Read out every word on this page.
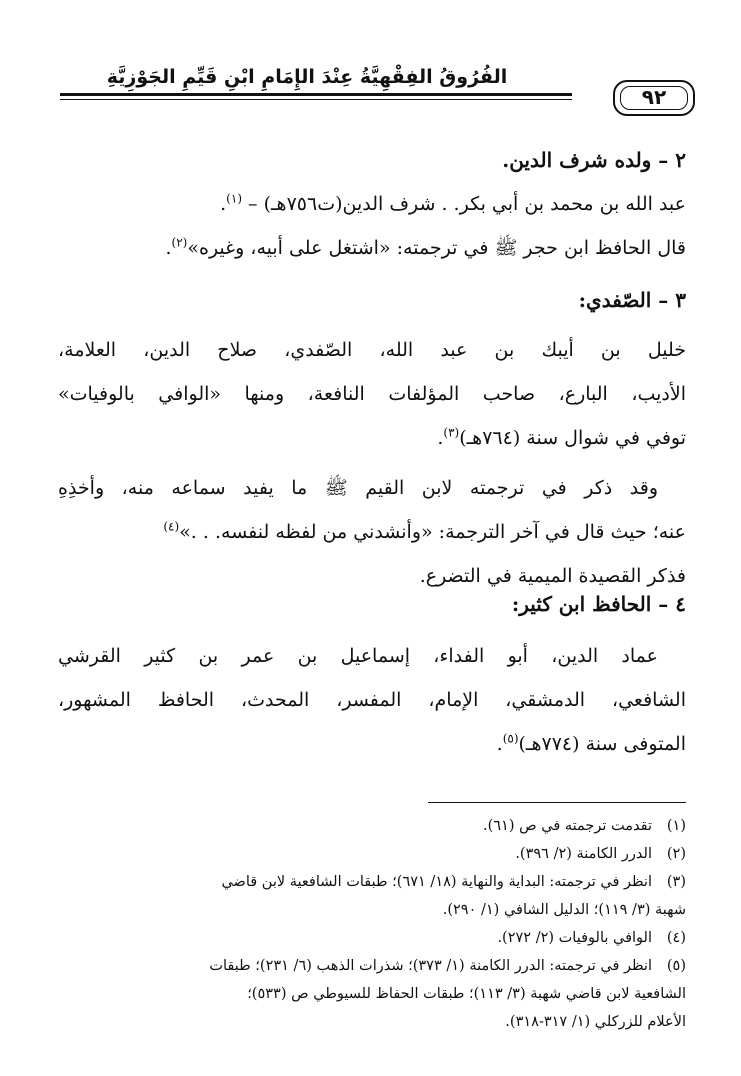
الفُرُوقُ الفِقْهِيَّةُ عِنْدَ الإِمَامِ ابْنِ قَيِّمِ الجَوْزِيَّةِ
٩٢
٢ – ولده شرف الدين.
عبد الله بن محمد بن أبي بكر. . شرف الدين(ت٧٥٦هـ) – $^{(١)}$.
قال الحافظ ابن حجر ﷺ في ترجمته: «اشتغل على أبيه، وغيره»$^{(٢)}$.
٣ – الصّفدي:
خليل بن أيبك بن عبد الله، الصّفدي، صلاح الدين، العلامة،
الأديب، البارع، صاحب المؤلفات النافعة، ومنها «الوافي بالوفيات»
توفي في شوال سنة (٧٦٤هـ)$^{(٣)}$.
وقد ذكر في ترجمته لابن القيم ﷺ ما يفيد سماعه منه، وأخذِهِ
عنه؛ حيث قال في آخر الترجمة: «وأنشدني من لفظه لنفسه. . .»$^{(٤)}$
فذكر القصيدة الميمية في التضرع.
٤ – الحافظ ابن كثير:
عماد الدين، أبو الفداء، إسماعيل بن عمر بن كثير القرشي
الشافعي، الدمشقي، الإمام، المفسر، المحدث، الحافظ المشهور،
المتوفى سنة (٧٧٤هـ)$^{(٥)}$.
(١)تقدمت ترجمته في ص (٦١).
(٢)الدرر الكامنة (٢/ ٣٩٦).
(٣)انظر في ترجمته: البداية والنهاية (١٨/ ٦٧١)؛ طبقات الشافعية لابن قاضي
شهبة (٣/ ١١٩)؛ الدليل الشافي (١/ ٢٩٠).
(٤)الوافي بالوفيات (٢/ ٢٧٢).
(٥)انظر في ترجمته: الدرر الكامنة (١/ ٣٧٣)؛ شذرات الذهب (٦/ ٢٣١)؛ طبقات
الشافعية لابن قاضي شهبة (٣/ ١١٣)؛ طبقات الحفاظ للسيوطي ص (٥٣٣)؛
الأعلام للزركلي (١/ ٣١٧-٣١٨).
